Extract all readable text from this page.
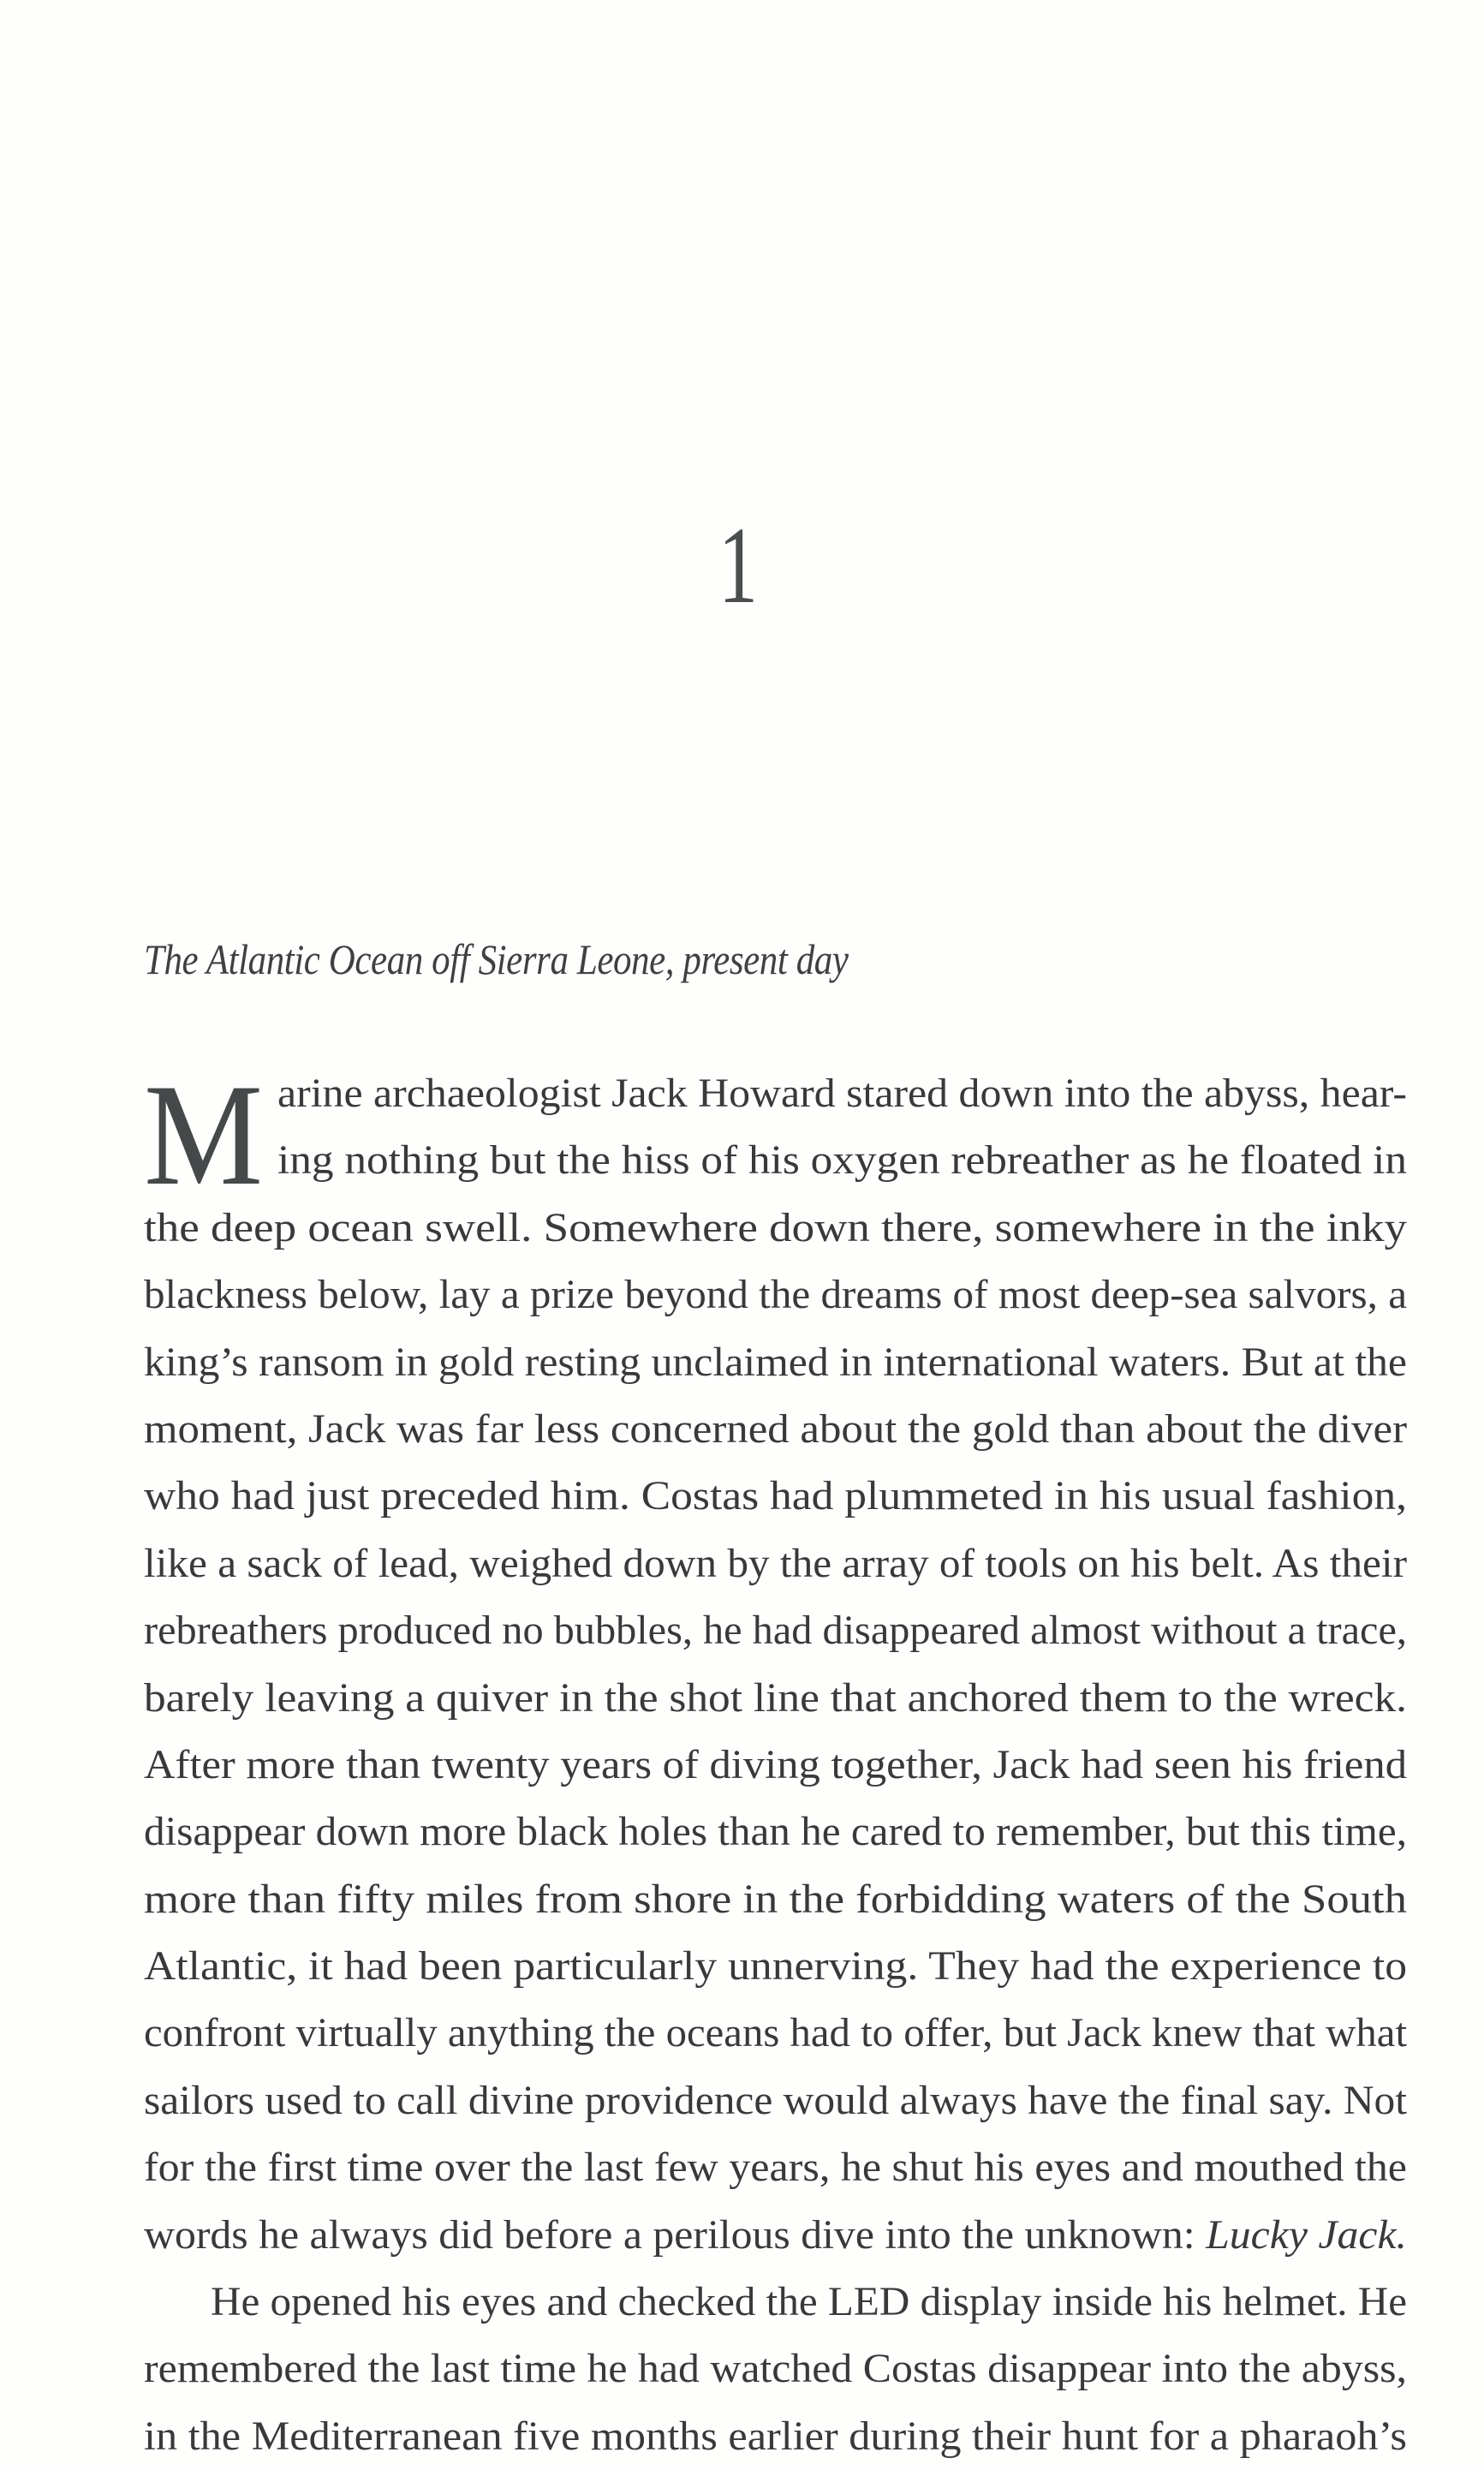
1
The Atlantic Ocean off Sierra Leone, present day
M arine archaeologist Jack Howard stared down into the abyss, hear-
ing nothing but the hiss of his oxygen rebreather as he floated in
the deep ocean swell. Somewhere down there, somewhere in the inky
blackness below, lay a prize beyond the dreams of most deep-sea salvors, a
king’s ransom in gold resting unclaimed in international waters. But at the
moment, Jack was far less concerned about the gold than about the diver
who had just preceded him. Costas had plummeted in his usual fashion,
like a sack of lead, weighed down by the array of tools on his belt. As their
rebreathers produced no bubbles, he had disappeared almost without a trace,
barely leaving a quiver in the shot line that anchored them to the wreck.
After more than twenty years of diving together, Jack had seen his friend
disappear down more black holes than he cared to remember, but this time,
more than fifty miles from shore in the forbidding waters of the South
Atlantic, it had been particularly unnerving. They had the experience to
confront virtually anything the oceans had to offer, but Jack knew that what
sailors used to call divine providence would always have the final say. Not
for the first time over the last few years, he shut his eyes and mouthed the
words he always did before a perilous dive into the unknown: Lucky Jack.
He opened his eyes and checked the LED display inside his helmet. He
remembered the last time he had watched Costas disappear into the abyss,
in the Mediterranean five months earlier during their hunt for a pharaoh’s
